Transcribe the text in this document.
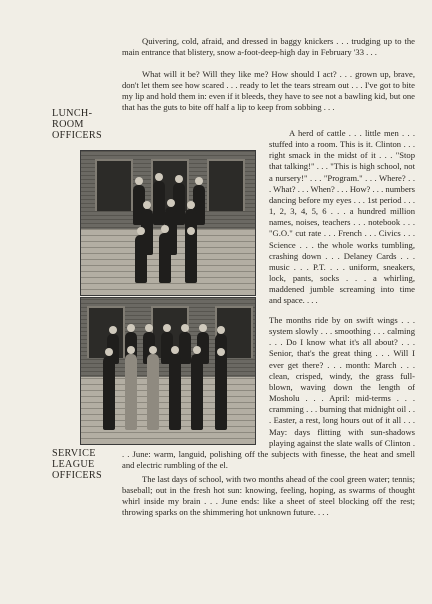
Quivering, cold, afraid, and dressed in baggy knickers . . . trudging up to the main entrance that blistery, snow a-foot-deep-high day in February '33 . . .

What will it be? Will they like me? How should I act? . . . grown up, brave, don't let them see how scared . . . ready to let the tears stream out . . . I've got to bite my lip and hold them in: even if it bleeds, they have to see not a bawling kid, but one that has the guts to bite off half a lip to keep from sobbing . . .

LUNCH-
ROOM
OFFICERS	A herd of cattle . . . little men . . . stuffed into a room. This is it. Clinton . . . right smack in the midst of it . . . "Stop that talking!" . . . "This is high school, not a nursery!" . . . "Program." . . . Where? . . . What? . . . When? . . . How? . . . numbers dancing before my eyes . . . 1st period . . . 1, 2, 3, 4, 5, 6 . . . a hundred million names, noises, teachers . . . notebook . . . "G.O." cut rate . . . French . . . Civics . . . Science . . . the whole works tumbling, crashing down . . . Delaney Cards . . . music . . . P.T. . . . uniform, sneakers, lock, pants, socks . . . a whirling, maddened jumble screaming into time and space. . . .

The months ride by on swift wings . . . system slowly . . . smoothing . . . calming . . . Do I know what it's all about? . . . Senior, that's the great thing . . . Will I ever get there? . . . month: March . . . clean, crisped, windy, the grass full-blown, waving down the length of Mosholu . . . April: mid-terms . . . cramming . . . burning that midnight oil . . . Easter, a rest, long hours out of it all . . . May: days flitting with sun-shadows playing against the slate walls of Clinton . . . June: warm, languid, polishing off the subjects with finesse, the heat and smell and electric rumbling of the el.

SERVICE
LEAGUE
OFFICERS	The last days of school, with two months ahead of the cool green water; tennis; baseball; out in the fresh hot sun: knowing, feeling, hoping, as swarms of thought whirl inside my brain . . . June ends: like a sheet of steel blocking off the rest; throwing sparks on the shimmering hot unknown future. . . .
